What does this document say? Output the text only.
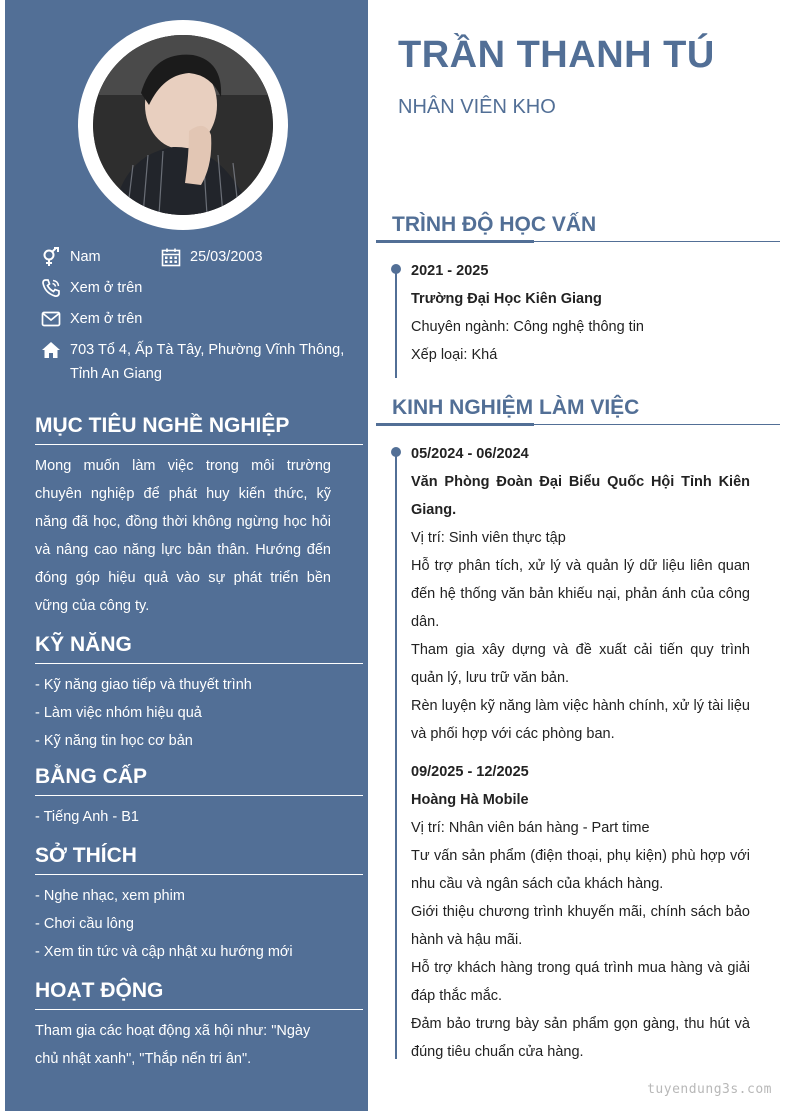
Nam	25/03/2003
Xem ở trên
Xem ở trên
703 Tổ 4, Ấp Tà Tây, Phường Vĩnh Thông, Tỉnh An Giang
MỤC TIÊU NGHỀ NGHIỆP

Mong muốn làm việc trong môi trường chuyên nghiệp để phát huy kiến thức, kỹ năng đã học, đồng thời không ngừng học hỏi và nâng cao năng lực bản thân. Hướng đến đóng góp hiệu quả vào sự phát triển bền vững của công ty.

KỸ NĂNG
- Kỹ năng giao tiếp và thuyết trình
- Làm việc nhóm hiệu quả
- Kỹ năng tin học cơ bản
BẰNG CẤP

- Tiếng Anh - B1

SỞ THÍCH
- Nghe nhạc, xem phim
- Chơi cầu lông
- Xem tin tức và cập nhật xu hướng mới
HOẠT ĐỘNG

Tham gia các hoạt động xã hội như: "Ngày chủ nhật xanh", "Thắp nến tri ân".

TRẦN THANH TÚ
NHÂN VIÊN KHO
TRÌNH ĐỘ HỌC VẤN
2021 - 2025
Trường Đại Học Kiên Giang
Chuyên ngành: Công nghệ thông tin
Xếp loại: Khá
KINH NGHIỆM LÀM VIỆC
05/2024 - 06/2024

Văn Phòng Đoàn Đại Biểu Quốc Hội Tỉnh Kiên Giang.

Vị trí: Sinh viên thực tập

Hỗ trợ phân tích, xử lý và quản lý dữ liệu liên quan đến hệ thống văn bản khiếu nại, phản ánh của công dân.

Tham gia xây dựng và đề xuất cải tiến quy trình quản lý, lưu trữ văn bản.

Rèn luyện kỹ năng làm việc hành chính, xử lý tài liệu và phối hợp với các phòng ban.

09/2025 - 12/2025

Hoàng Hà Mobile

Vị trí: Nhân viên bán hàng - Part time

Tư vấn sản phẩm (điện thoại, phụ kiện) phù hợp với nhu cầu và ngân sách của khách hàng.

Giới thiệu chương trình khuyến mãi, chính sách bảo hành và hậu mãi.

Hỗ trợ khách hàng trong quá trình mua hàng và giải đáp thắc mắc.

Đảm bảo trưng bày sản phẩm gọn gàng, thu hút và đúng tiêu chuẩn cửa hàng.

tuyendung3s.com
